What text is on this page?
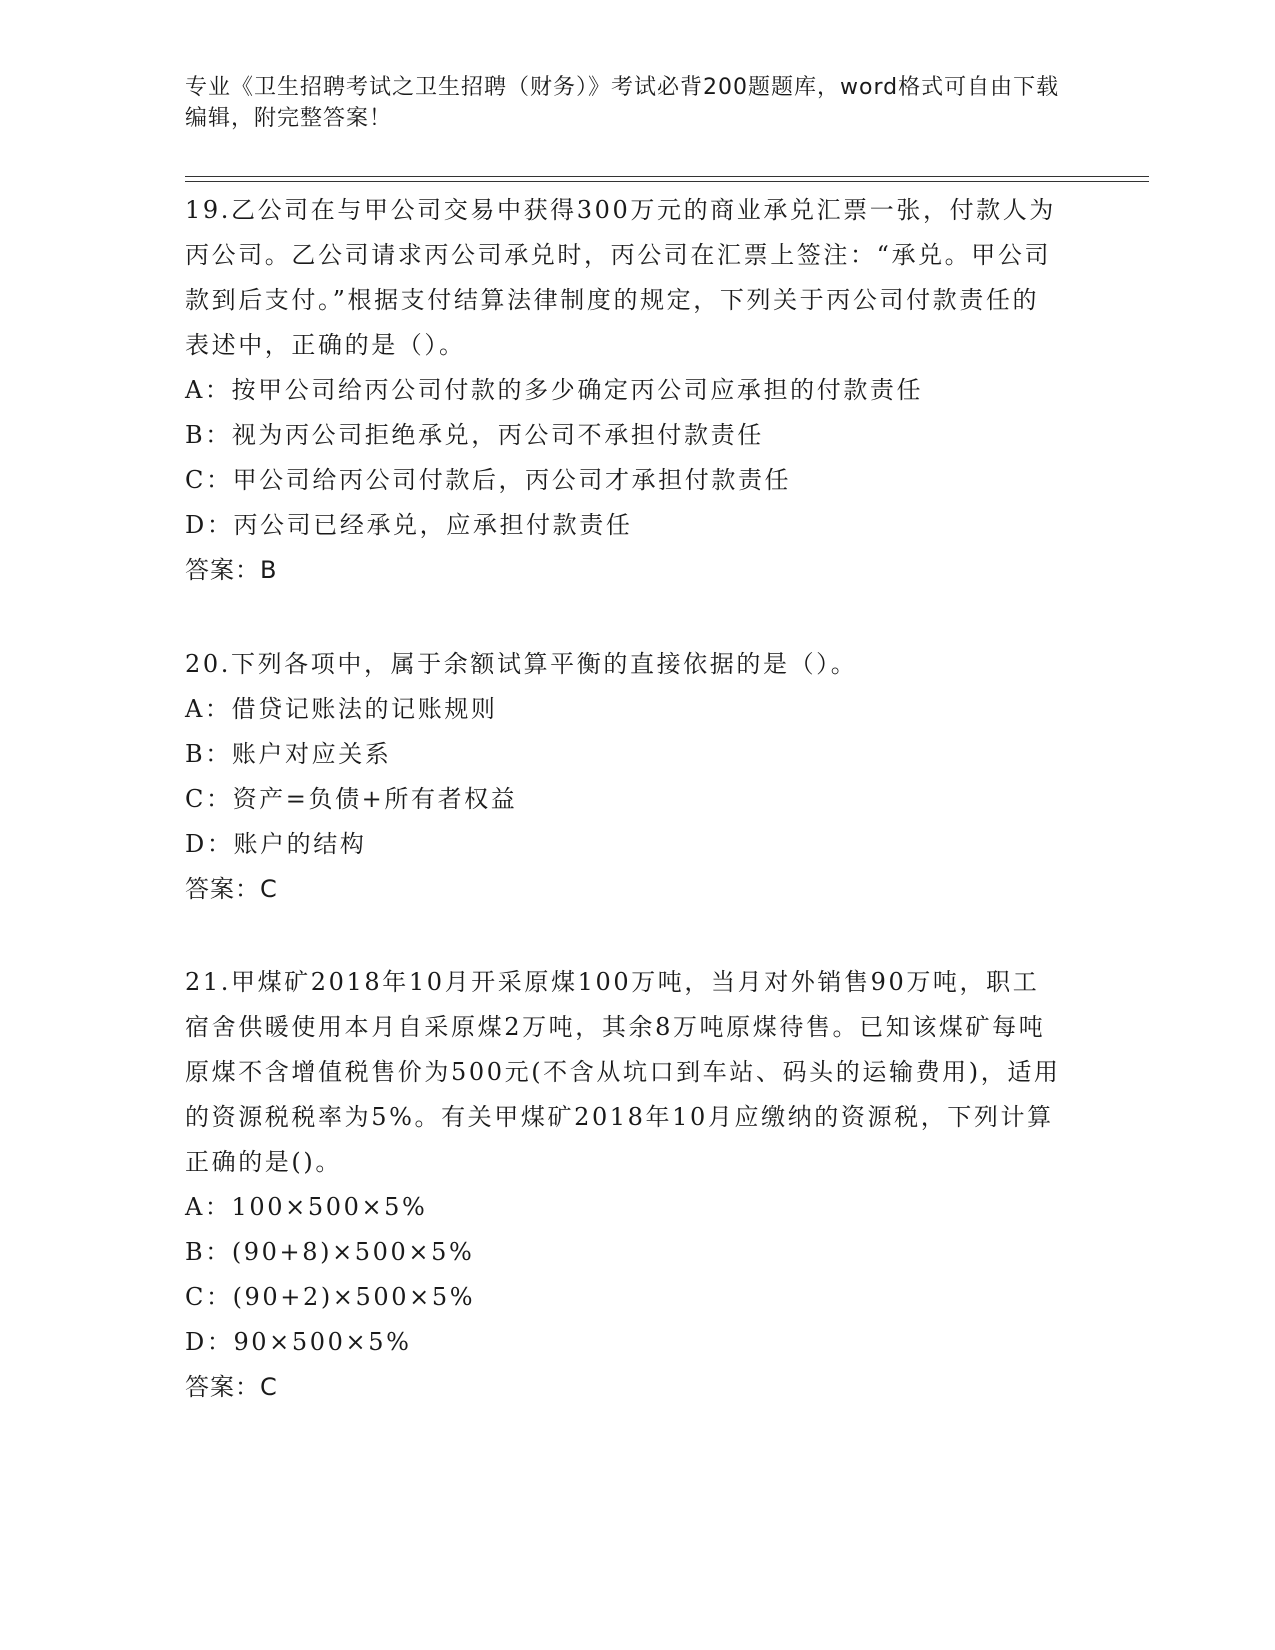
专业《卫生招聘考试之卫生招聘（财务）》考试必背200题题库，word格式可自由下载编辑，附完整答案！
19.乙公司在与甲公司交易中获得300万元的商业承兑汇票一张，付款人为丙公司。乙公司请求丙公司承兑时，丙公司在汇票上签注：“承兑。甲公司款到后支付。”根据支付结算法律制度的规定，下列关于丙公司付款责任的表述中，正确的是（）。
A：按甲公司给丙公司付款的多少确定丙公司应承担的付款责任
B：视为丙公司拒绝承兑，丙公司不承担付款责任
C：甲公司给丙公司付款后，丙公司才承担付款责任
D：丙公司已经承兑，应承担付款责任
答案：B
20.下列各项中，属于余额试算平衡的直接依据的是（）。
A：借贷记账法的记账规则
B：账户对应关系
C：资产=负债+所有者权益
D：账户的结构
答案：C
21.甲煤矿2018年10月开采原煤100万吨，当月对外销售90万吨，职工宿舍供暖使用本月自采原煤2万吨，其余8万吨原煤待售。已知该煤矿每吨原煤不含增值税售价为500元(不含从坑口到车站、码头的运输费用)，适用的资源税税率为5%。有关甲煤矿2018年10月应缴纳的资源税，下列计算正确的是()。
A：100×500×5%
B：(90+8)×500×5%
C：(90+2)×500×5%
D：90×500×5%
答案：C
